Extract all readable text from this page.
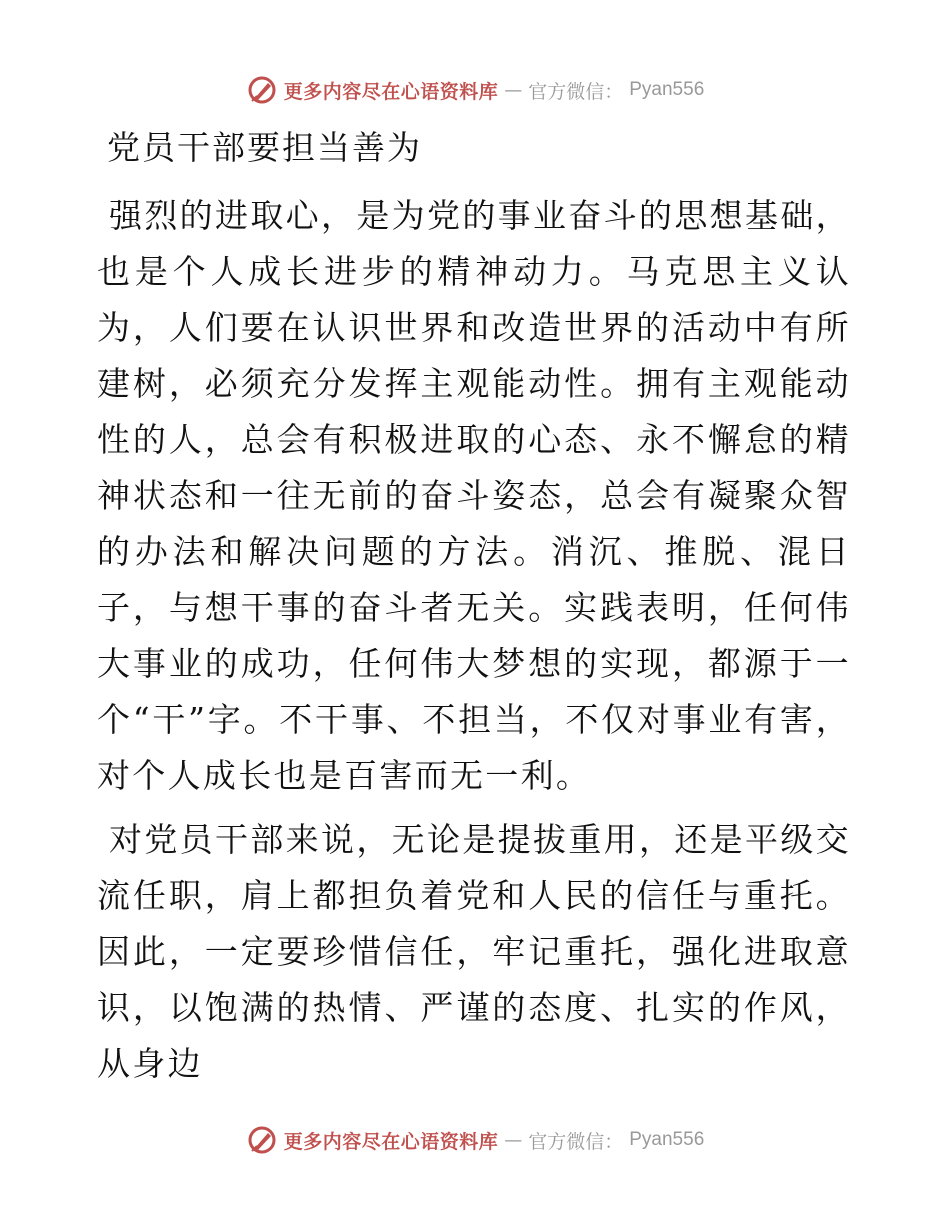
更多内容尽在心语资料库 — 官方微信： Pyan556
党员干部要担当善为

强烈的进取心，是为党的事业奋斗的思想基础，也是个人成长进步的精神动力。马克思主义认为，人们要在认识世界和改造世界的活动中有所建树，必须充分发挥主观能动性。拥有主观能动性的人，总会有积极进取的心态、永不懈怠的精神状态和一往无前的奋斗姿态，总会有凝聚众智的办法和解决问题的方法。消沉、推脱、混日子，与想干事的奋斗者无关。实践表明，任何伟大事业的成功，任何伟大梦想的实现，都源于一个“干”字。不干事、不担当，不仅对事业有害，对个人成长也是百害而无一利。

对党员干部来说，无论是提拔重用，还是平级交流任职，肩上都担负着党和人民的信任与重托。因此，一定要珍惜信任，牢记重托，强化进取意识，以饱满的热情、严谨的态度、扎实的作风，从身边

更多内容尽在心语资料库 — 官方微信： Pyan556
